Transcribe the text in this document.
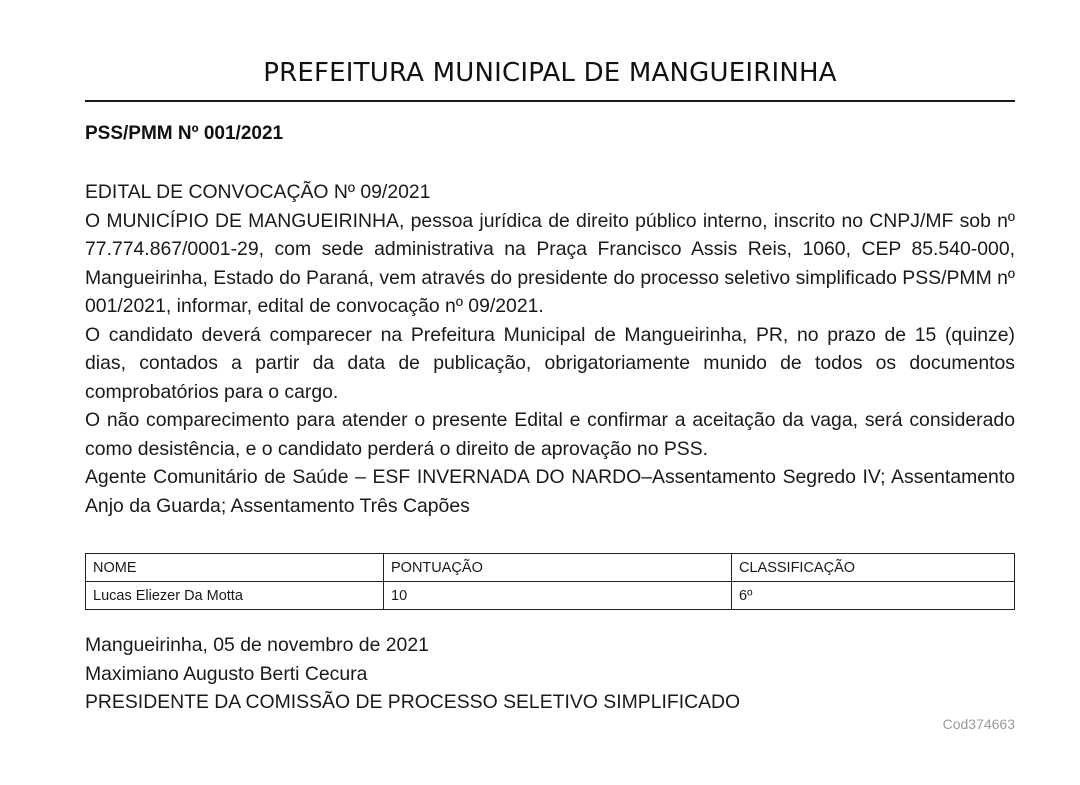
PREFEITURA MUNICIPAL DE MANGUEIRINHA
PSS/PMM Nº 001/2021

EDITAL DE CONVOCAÇÃO Nº 09/2021

O MUNICÍPIO DE MANGUEIRINHA, pessoa jurídica de direito público interno, inscrito no CNPJ/MF sob nº 77.774.867/0001-29, com sede administrativa na Praça Francisco Assis Reis, 1060, CEP 85.540-000, Mangueirinha, Estado do Paraná, vem através do presidente do processo seletivo simplificado PSS/PMM nº 001/2021, informar, edital de convocação nº 09/2021.

O candidato deverá comparecer na Prefeitura Municipal de Mangueirinha, PR, no prazo de 15 (quinze) dias, contados a partir da data de publicação, obrigatoriamente munido de todos os documentos comprobatórios para o cargo.

O não comparecimento para atender o presente Edital e confirmar a aceitação da vaga, será considerado como desistência, e o candidato perderá o direito de aprovação no PSS.

Agente Comunitário de Saúde – ESF INVERNADA DO NARDO–Assentamento Segredo IV; Assentamento Anjo da Guarda; Assentamento Três Capões

NOME	PONTUAÇÃO	CLASSIFICAÇÃO
Lucas Eliezer Da Motta	10	6º
Mangueirinha, 05 de novembro de 2021
Maximiano Augusto Berti Cecura
PRESIDENTE DA COMISSÃO DE PROCESSO SELETIVO SIMPLIFICADO
Cod374663
